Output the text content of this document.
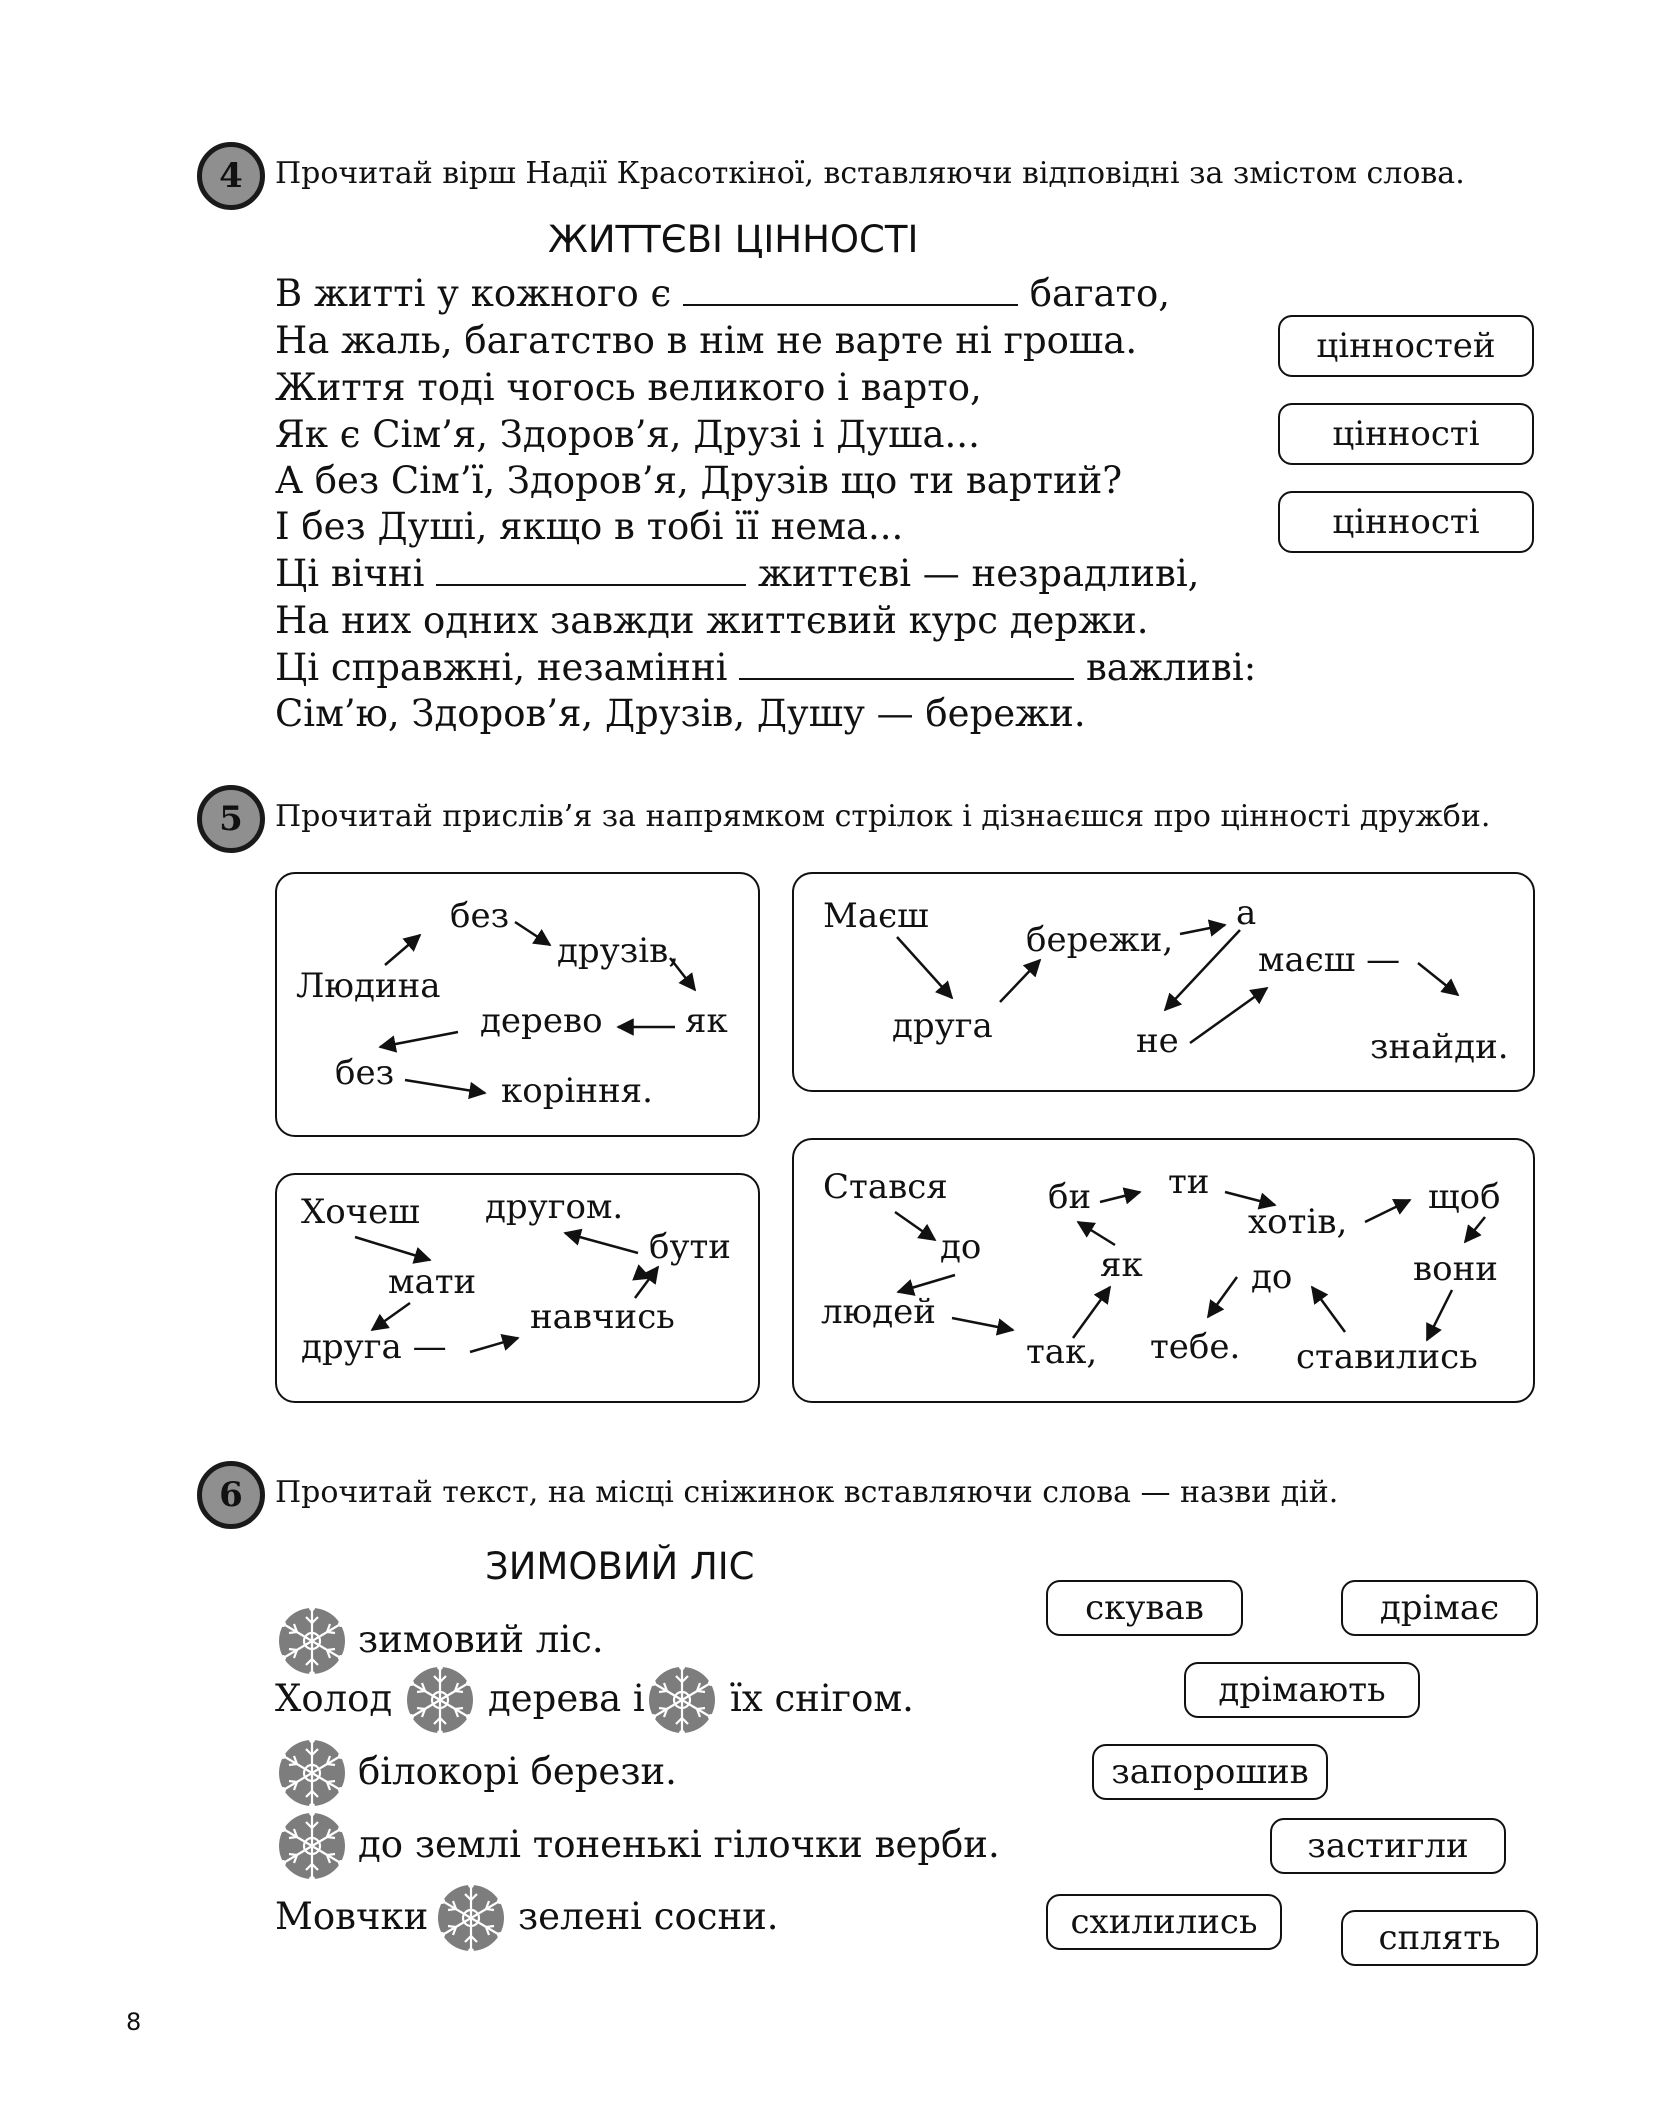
4	Прочитай вірш Надії Красоткіної, вставляючи відповідні за змістом слова.
ЖИТТЄВІ ЦІННОСТІ
В житті у кожного є	багато,
На жаль, багатство в нім не варте ні гроша.
Життя тоді чогось великого і варто,
Як є Сім’я, Здоров’я, Друзі і Душа...
А без Сім’ї, Здоров’я, Друзів що ти вартий?
І без Душі, якщо в тобі її нема...
Ці вічні	життєві — незрадливі,
На них одних завжди життєвий курс держи.
Ці справжні, незамінні	важливі:
Сім’ю, Здоров’я, Друзів, Душу — бережи.
цінностей
цінності
цінності
5	Прочитай прислів’я за напрямком стрілок і дізнаєшся про цінності дружби.
Людина
без
друзів,
як
дерево
без	коріння.
Маєш
друга
бережи,
а
не
маєш —
знайди.
Хочеш
мати
друга —
навчись
бути
другом.	Стався
до
людей
так,
як
би ти
хотів,
щоб
вони
ставились
до
тебе.
6	Прочитай текст, на місці сніжинок вставляючи слова — назви дій.
ЗИМОВИЙ ЛІС
зимовий ліс.
Холод	дерева і їх снігом.
білокорі берези.
до землі тоненькі гілочки верби.
Мовчки зелені сосни.
скував	дрімає
дрімають
запорошив
застигли
схилились	сплять
8
